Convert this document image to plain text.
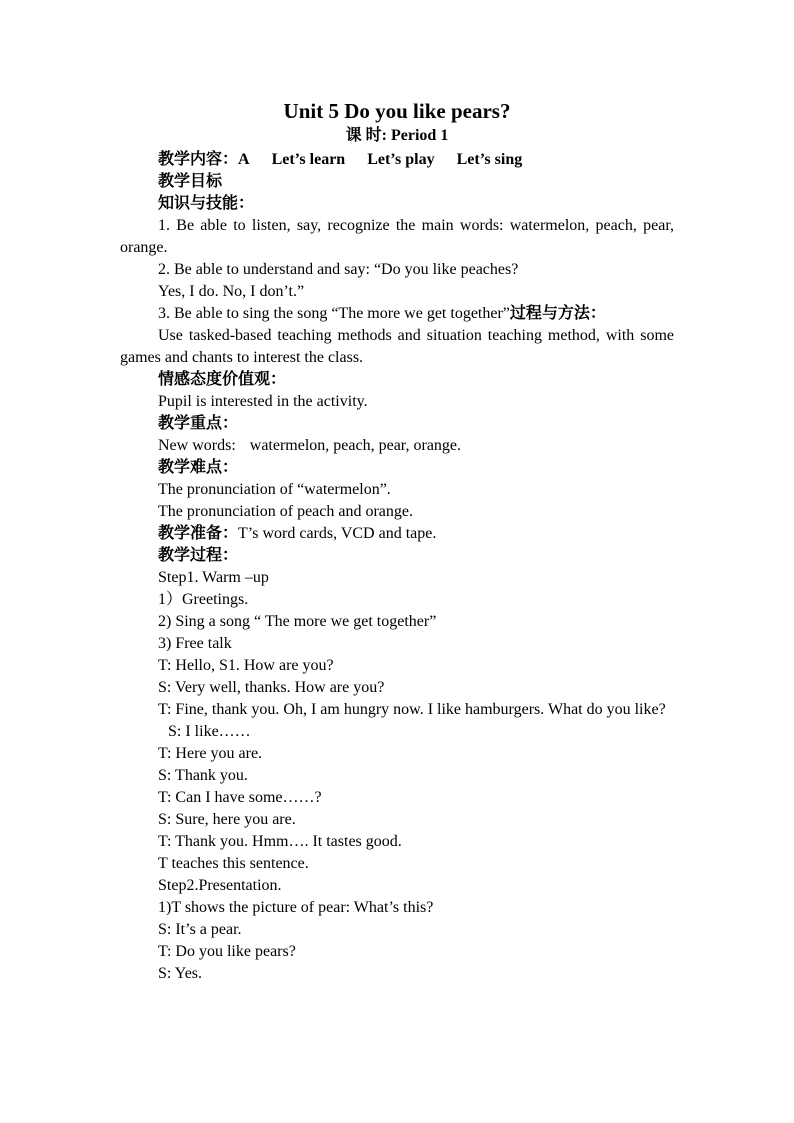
Unit 5 Do you like pears?

课 时: Period 1

教学内容：A Let’s learn Let’s play Let’s sing

教学目标

知识与技能：

1. Be able to listen, say, recognize the main words: watermelon, peach, pear, orange.

2. Be able to understand and say: “Do you like peaches?

Yes, I do. No, I don’t.”

3. Be able to sing the song “The more we get together”过程与方法：

Use tasked-based teaching methods and situation teaching method, with some games and chants to interest the class.

情感态度价值观：

Pupil is interested in the activity.

教学重点：

New words: watermelon, peach, pear, orange.

教学难点：

The pronunciation of “watermelon”.

The pronunciation of peach and orange.

教学准备：T’s word cards, VCD and tape.

教学过程：

Step1. Warm –up

1）Greetings.

2) Sing a song “ The more we get together”

3) Free talk

T: Hello, S1. How are you?

S: Very well, thanks. How are you?

T: Fine, thank you. Oh, I am hungry now. I like hamburgers. What do you like?

S: I like……

T: Here you are.

S: Thank you.

T: Can I have some……?

S: Sure, here you are.

T: Thank you. Hmm…. It tastes good.

T teaches this sentence.

Step2.Presentation.

1)T shows the picture of pear: What’s this?

S: It’s a pear.

T: Do you like pears?

S: Yes.
